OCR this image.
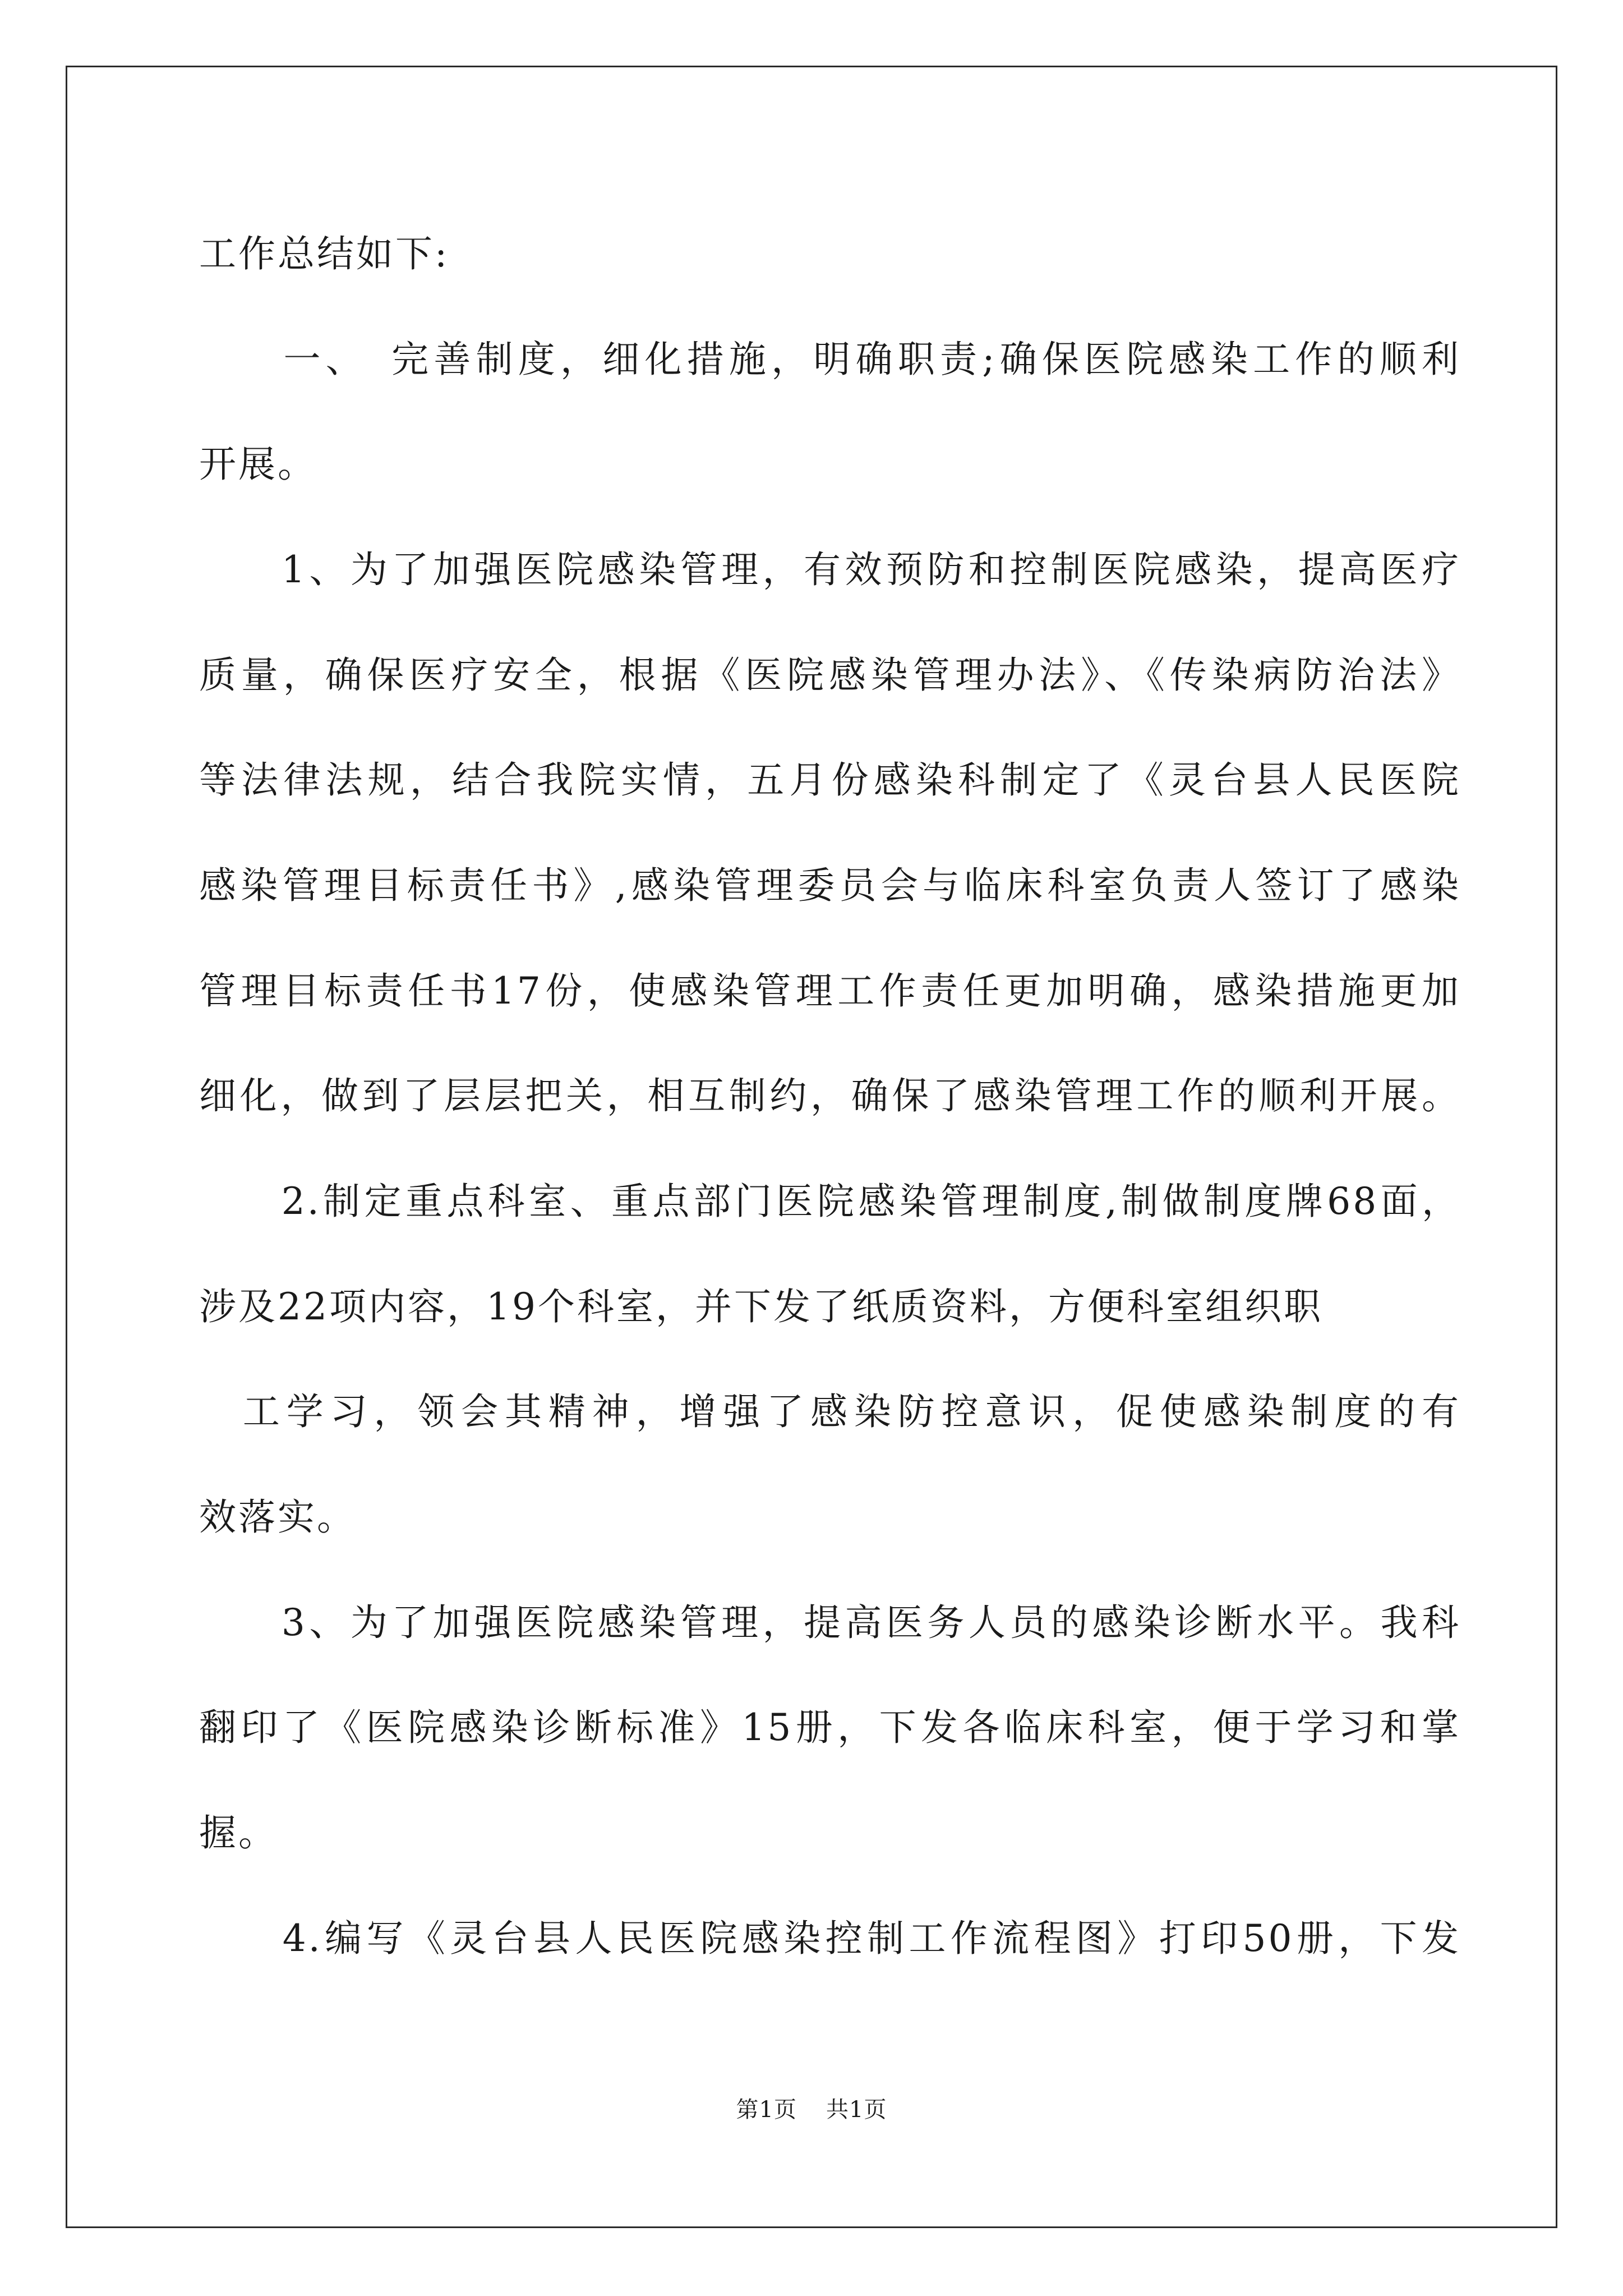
工作总结如下:
　　一、　完善制度，细化措施，明确职责;确保医院感染工作的顺利
开展。
　　1、为了加强医院感染管理，有效预防和控制医院感染，提高医疗
质量，确保医疗安全，根据《医院感染管理办法》、《传染病防治法》
等法律法规，结合我院实情，五月份感染科制定了《灵台县人民医院
感染管理目标责任书》,感染管理委员会与临床科室负责人签订了感染
管理目标责任书17份，使感染管理工作责任更加明确，感染措施更加
细化，做到了层层把关，相互制约，确保了感染管理工作的顺利开展。
　　2.制定重点科室、重点部门医院感染管理制度,制做制度牌68面，
涉及22项内容，19个科室，并下发了纸质资料，方便科室组织职
　工学习，领会其精神，增强了感染防控意识，促使感染制度的有
效落实。
　　3、为了加强医院感染管理，提高医务人员的感染诊断水平。我科
翻印了《医院感染诊断标准》15册，下发各临床科室，便于学习和掌
握。
　　4.编写《灵台县人民医院感染控制工作流程图》打印50册，下发
第1页 共1页
